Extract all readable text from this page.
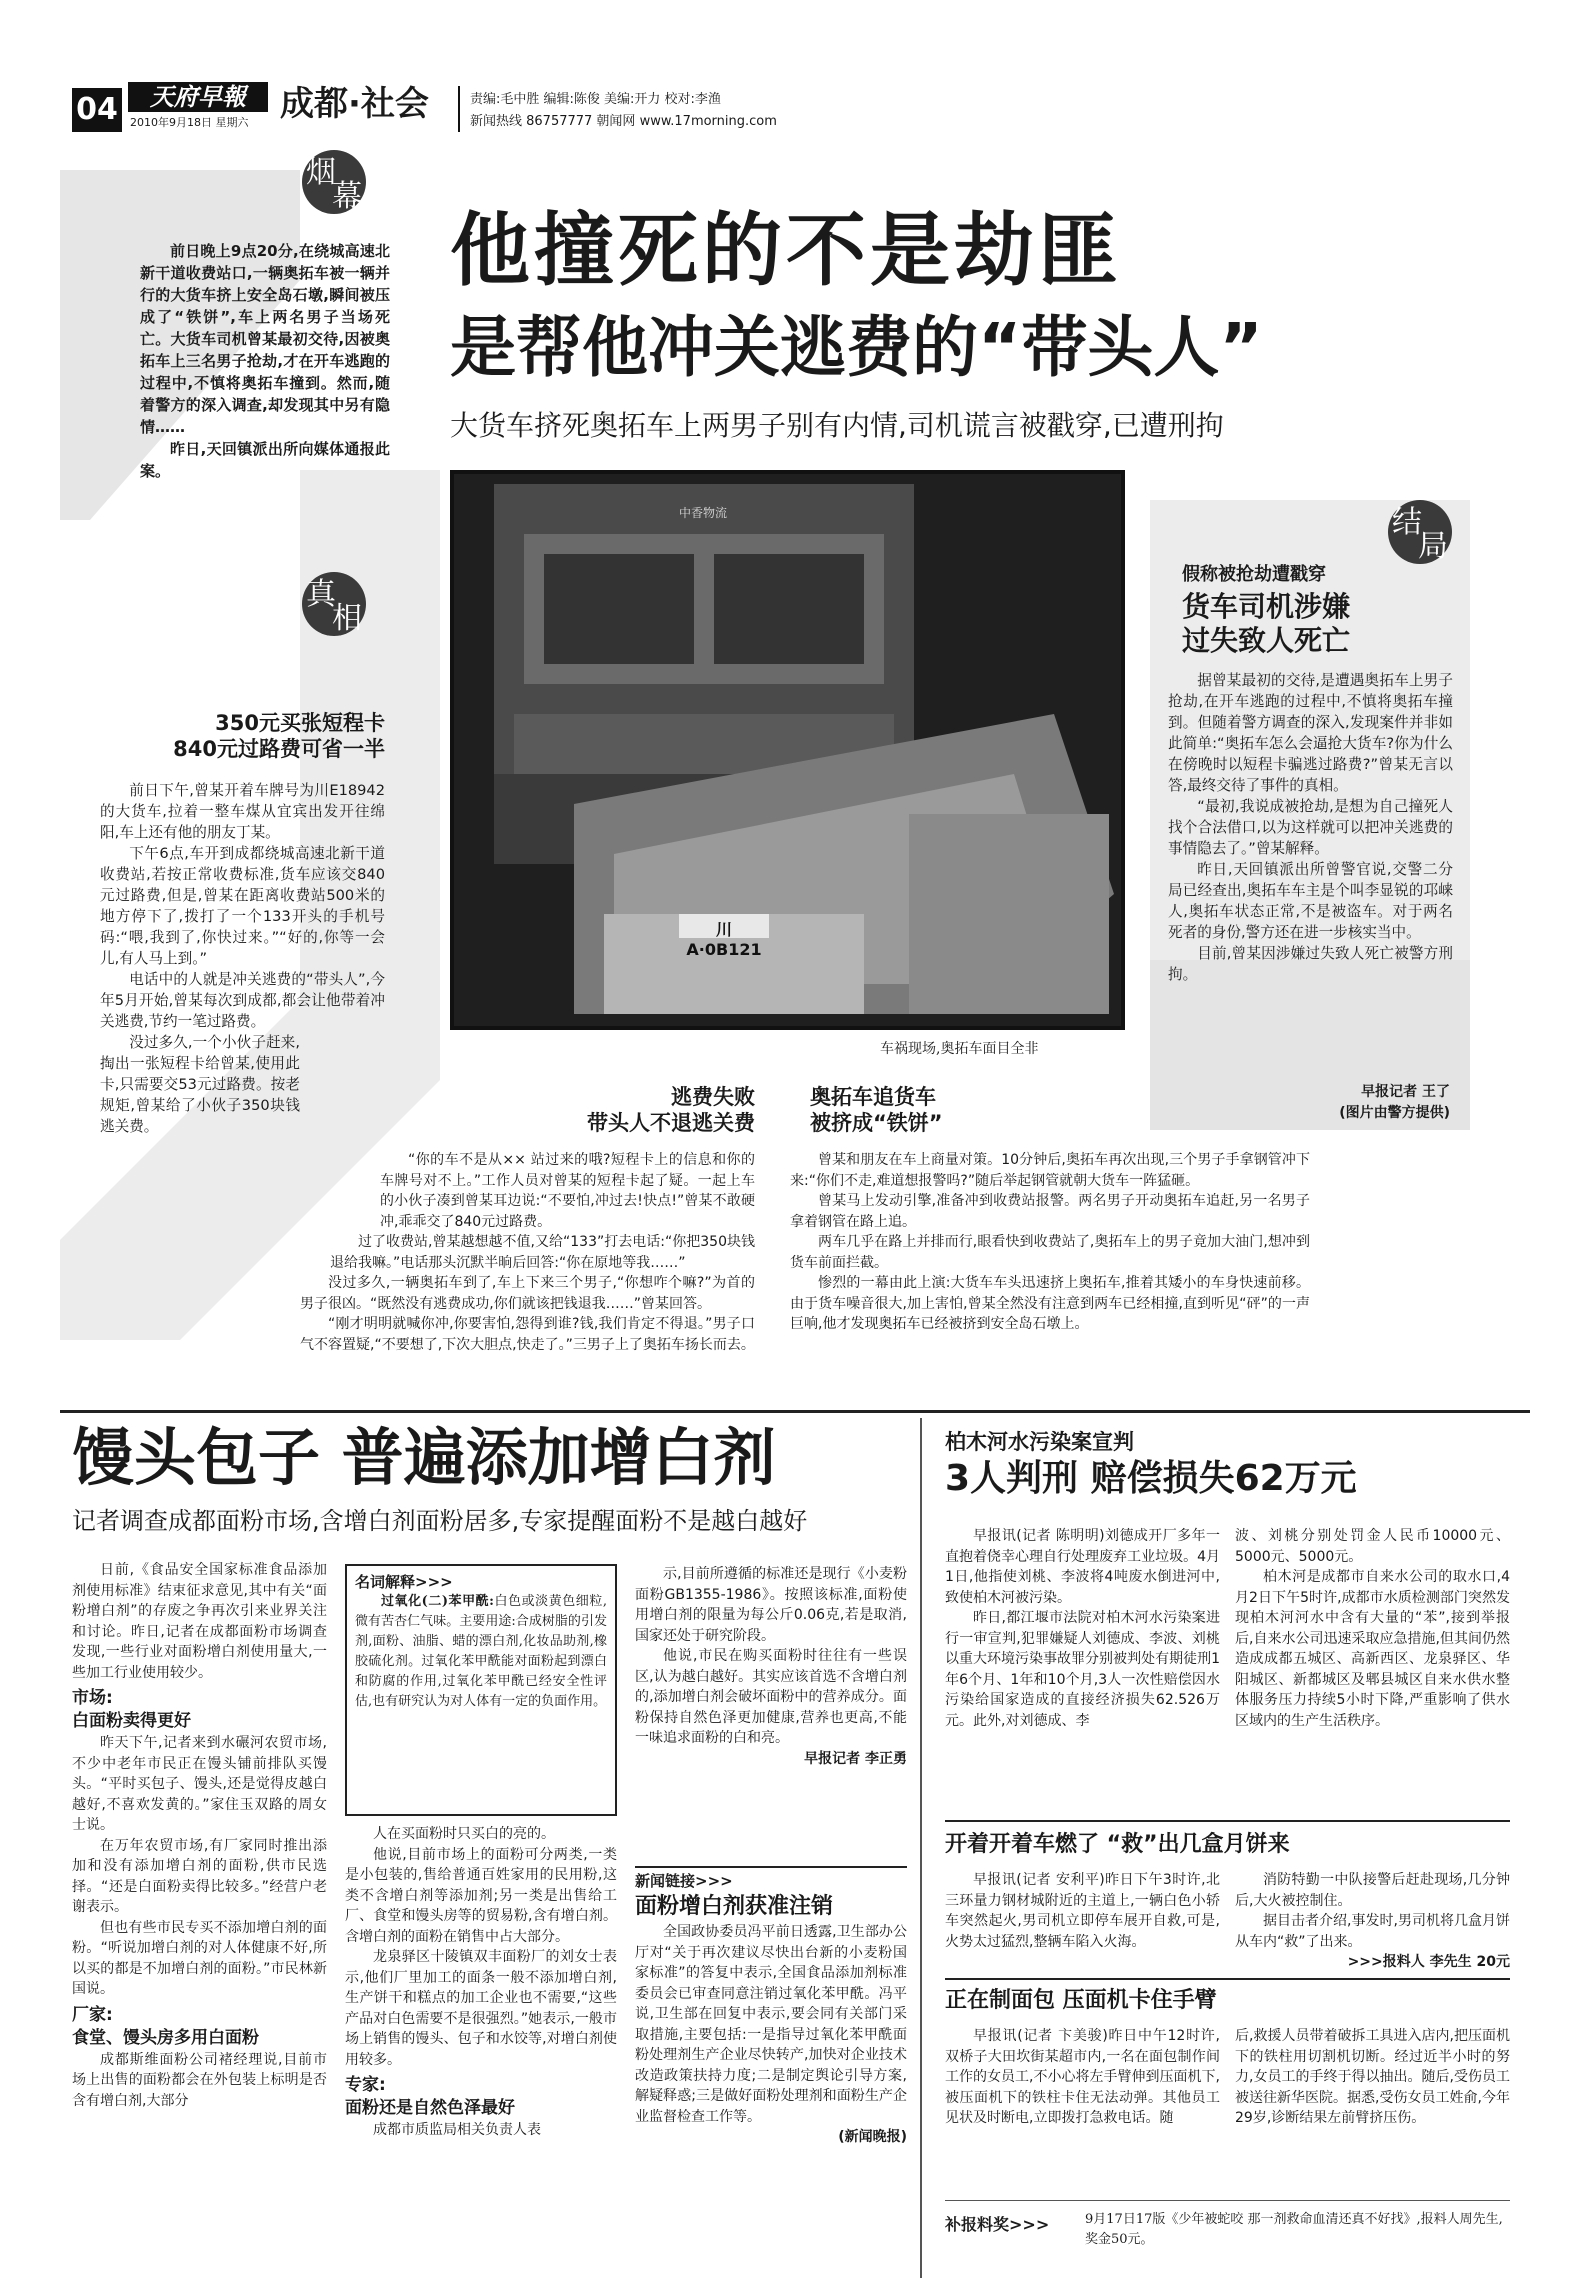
04	天府早報
2010年9月18日 星期六 成都·社会	责编:毛中胜 编辑:陈俊 美编:开力 校对:李渔
新闻热线 86757777 朝闻网 www.17morning.com
烟
幕
真
相
结
局
他撞死的不是劫匪
是帮他冲关逃费的“带头人”
大货车挤死奥拓车上两男子别有内情,司机谎言被戳穿,已遭刑拘

前日晚上9点20分,在绕城高速北新干道收费站口,一辆奥拓车被一辆并行的大货车挤上安全岛石墩,瞬间被压成了“铁饼”,车上两名男子当场死亡。大货车司机曾某最初交待,因被奥拓车上三名男子抢劫,才在开车逃跑的过程中,不慎将奥拓车撞到。然而,随着警方的深入调查,却发现其中另有隐情……

昨日,天回镇派出所向媒体通报此案。

350元买张短程卡
840元过路费可省一半

前日下午,曾某开着车牌号为川E18942的大货车,拉着一整车煤从宜宾出发开往绵阳,车上还有他的朋友丁某。

下午6点,车开到成都绕城高速北新干道收费站,若按正常收费标准,货车应该交840元过路费,但是,曾某在距离收费站500米的地方停下了,拨打了一个133开头的手机号码:“喂,我到了,你快过来。”“好的,你等一会儿,有人马上到。”

电话中的人就是冲关逃费的“带头人”,今年5月开始,曾某每次到成都,都会让他带着冲关逃费,节约一笔过路费。

没过多久,一个小伙子赶来,掏出一张短程卡给曾某,使用此卡,只需要交53元过路费。按老规矩,曾某给了小伙子350块钱逃关费。

中香物流
川A·0B121
车祸现场,奥拓车面目全非
假称被抢劫遭戳穿
货车司机涉嫌
过失致人死亡

据曾某最初的交待,是遭遇奥拓车上男子抢劫,在开车逃跑的过程中,不慎将奥拓车撞到。但随着警方调查的深入,发现案件并非如此简单:“奥拓车怎么会逼抢大货车?你为什么在傍晚时以短程卡骗逃过路费?”曾某无言以答,最终交待了事件的真相。

“最初,我说成被抢劫,是想为自己撞死人找个合法借口,以为这样就可以把冲关逃费的事情隐去了。”曾某解释。

昨日,天回镇派出所曾警官说,交警二分局已经查出,奥拓车车主是个叫李显锐的邛崃人,奥拓车状态正常,不是被盗车。对于两名死者的身份,警方还在进一步核实当中。

目前,曾某因涉嫌过失致人死亡被警方刑拘。

早报记者 王了
(图片由警方提供)
逃费失败
带头人不退逃关费

“你的车不是从×× 站过来的哦?短程卡上的信息和你的车牌号对不上。”工作人员对曾某的短程卡起了疑。一起上车的小伙子凑到曾某耳边说:“不要怕,冲过去!快点!”曾某不敢硬冲,乖乖交了840元过路费。

过了收费站,曾某越想越不值,又给“133”打去电话:“你把350块钱退给我嘛。”电话那头沉默半晌后回答:“你在原地等我……”

没过多久,一辆奥拓车到了,车上下来三个男子,“你想咋个嘛?”为首的男子很凶。“既然没有逃费成功,你们就该把钱退我……”曾某回答。

“刚才明明就喊你冲,你要害怕,怨得到谁?钱,我们肯定不得退。”男子口气不容置疑,“不要想了,下次大胆点,快走了。”三男子上了奥拓车扬长而去。

奥拓车追货车
被挤成“铁饼”

曾某和朋友在车上商量对策。10分钟后,奥拓车再次出现,三个男子手拿钢管冲下来:“你们不走,难道想报警吗?”随后举起钢管就朝大货车一阵猛砸。

曾某马上发动引擎,准备冲到收费站报警。两名男子开动奥拓车追赶,另一名男子拿着钢管在路上追。

两车几乎在路上并排而行,眼看快到收费站了,奥拓车上的男子竟加大油门,想冲到货车前面拦截。

惨烈的一幕由此上演:大货车车头迅速挤上奥拓车,推着其矮小的车身快速前移。由于货车噪音很大,加上害怕,曾某全然没有注意到两车已经相撞,直到听见“砰”的一声巨响,他才发现奥拓车已经被挤到安全岛石墩上。

馒头包子 普遍添加增白剂
记者调查成都面粉市场,含增白剂面粉居多,专家提醒面粉不是越白越好

日前,《食品安全国家标准食品添加剂使用标准》结束征求意见,其中有关“面粉增白剂”的存废之争再次引来业界关注和讨论。昨日,记者在成都面粉市场调查发现,一些行业对面粉增白剂使用量大,一些加工行业使用较少。

市场:
白面粉卖得更好

昨天下午,记者来到水碾河农贸市场,不少中老年市民正在馒头铺前排队买馒头。“平时买包子、馒头,还是觉得皮越白越好,不喜欢发黄的。”家住玉双路的周女士说。

在万年农贸市场,有厂家同时推出添加和没有添加增白剂的面粉,供市民选择。“还是白面粉卖得比较多。”经营户老谢表示。

但也有些市民专买不添加增白剂的面粉。“听说加增白剂的对人体健康不好,所以买的都是不加增白剂的面粉。”市民林新国说。

厂家:
食堂、馒头房多用白面粉

成都斯维面粉公司褚经理说,目前市场上出售的面粉都会在外包装上标明是否含有增白剂,大部分

名词解释>>>
过氧化(二)苯甲酰:白色或淡黄色细粒,微有苦杏仁气味。主要用途:合成树脂的引发剂,面粉、油脂、蜡的漂白剂,化妆品助剂,橡胶硫化剂。过氧化苯甲酰能对面粉起到漂白和防腐的作用,过氧化苯甲酰已经安全性评估,也有研究认为对人体有一定的负面作用。

人在买面粉时只买白的亮的。

他说,目前市场上的面粉可分两类,一类是小包装的,售给普通百姓家用的民用粉,这类不含增白剂等添加剂;另一类是出售给工厂、食堂和馒头房等的贸易粉,含有增白剂。含增白剂的面粉在销售中占大部分。

龙泉驿区十陵镇双丰面粉厂的刘女士表示,他们厂里加工的面条一般不添加增白剂,生产饼干和糕点的加工企业也不需要,“这些产品对白色需要不是很强烈。”她表示,一般市场上销售的馒头、包子和水饺等,对增白剂使用较多。

专家:
面粉还是自然色泽最好

成都市质监局相关负责人表

示,目前所遵循的标准还是现行《小麦粉面粉GB1355-1986》。按照该标准,面粉使用增白剂的限量为每公斤0.06克,若是取消,国家还处于研究阶段。

他说,市民在购买面粉时往往有一些误区,认为越白越好。其实应该首选不含增白剂的,添加增白剂会破坏面粉中的营养成分。面粉保持自然色泽更加健康,营养也更高,不能一味追求面粉的白和亮。

早报记者 李正勇
新闻链接>>>
面粉增白剂获准注销

全国政协委员冯平前日透露,卫生部办公厅对“关于再次建议尽快出台新的小麦粉国家标准”的答复中表示,全国食品添加剂标准委员会已审查同意注销过氧化苯甲酰。冯平说,卫生部在回复中表示,要会同有关部门采取措施,主要包括:一是指导过氧化苯甲酰面粉处理剂生产企业尽快转产,加快对企业技术改造政策扶持力度;二是制定舆论引导方案,解疑释惑;三是做好面粉处理剂和面粉生产企业监督检查工作等。

(新闻晚报)
柏木河水污染案宣判
3人判刑 赔偿损失62万元

早报讯(记者 陈明明)刘德成开厂多年一直抱着侥幸心理自行处理废弃工业垃圾。4月1日,他指使刘桃、李波将4吨废水倒进河中,致使柏木河被污染。

昨日,都江堰市法院对柏木河水污染案进行一审宣判,犯罪嫌疑人刘德成、李波、刘桃以重大环境污染事故罪分别被判处有期徒刑1年6个月、1年和10个月,3人一次性赔偿因水污染给国家造成的直接经济损失62.526万元。此外,对刘德成、李

波、刘桃分别处罚金人民币10000元、5000元、5000元。

柏木河是成都市自来水公司的取水口,4月2日下午5时许,成都市水质检测部门突然发现柏木河河水中含有大量的“苯”,接到举报后,自来水公司迅速采取应急措施,但其间仍然造成成都五城区、高新西区、龙泉驿区、华阳城区、新都城区及郫县城区自来水供水整体服务压力持续5小时下降,严重影响了供水区域内的生产生活秩序。

开着开着车燃了 “救”出几盒月饼来

早报讯(记者 安利平)昨日下午3时许,北三环量力钢材城附近的主道上,一辆白色小轿车突然起火,男司机立即停车展开自救,可是,火势太过猛烈,整辆车陷入火海。

消防特勤一中队接警后赶赴现场,几分钟后,大火被控制住。

据目击者介绍,事发时,男司机将几盒月饼从车内“救”了出来。

>>>报料人 李先生 20元
正在制面包 压面机卡住手臂

早报讯(记者 卞美骏)昨日中午12时许,双桥子大田坎街某超市内,一名在面包制作间工作的女员工,不小心将左手臂伸到压面机下,被压面机下的铁柱卡住无法动弹。其他员工见状及时断电,立即拨打急救电话。随

后,救援人员带着破拆工具进入店内,把压面机下的铁柱用切割机切断。经过近半小时的努力,女员工的手终于得以抽出。随后,受伤员工被送往新华医院。据悉,受伤女员工姓俞,今年29岁,诊断结果左前臂挤压伤。

补报料奖>>>	9月17日17版《少年被蛇咬 那一剂救命血清还真不好找》,报料人周先生,奖金50元。
